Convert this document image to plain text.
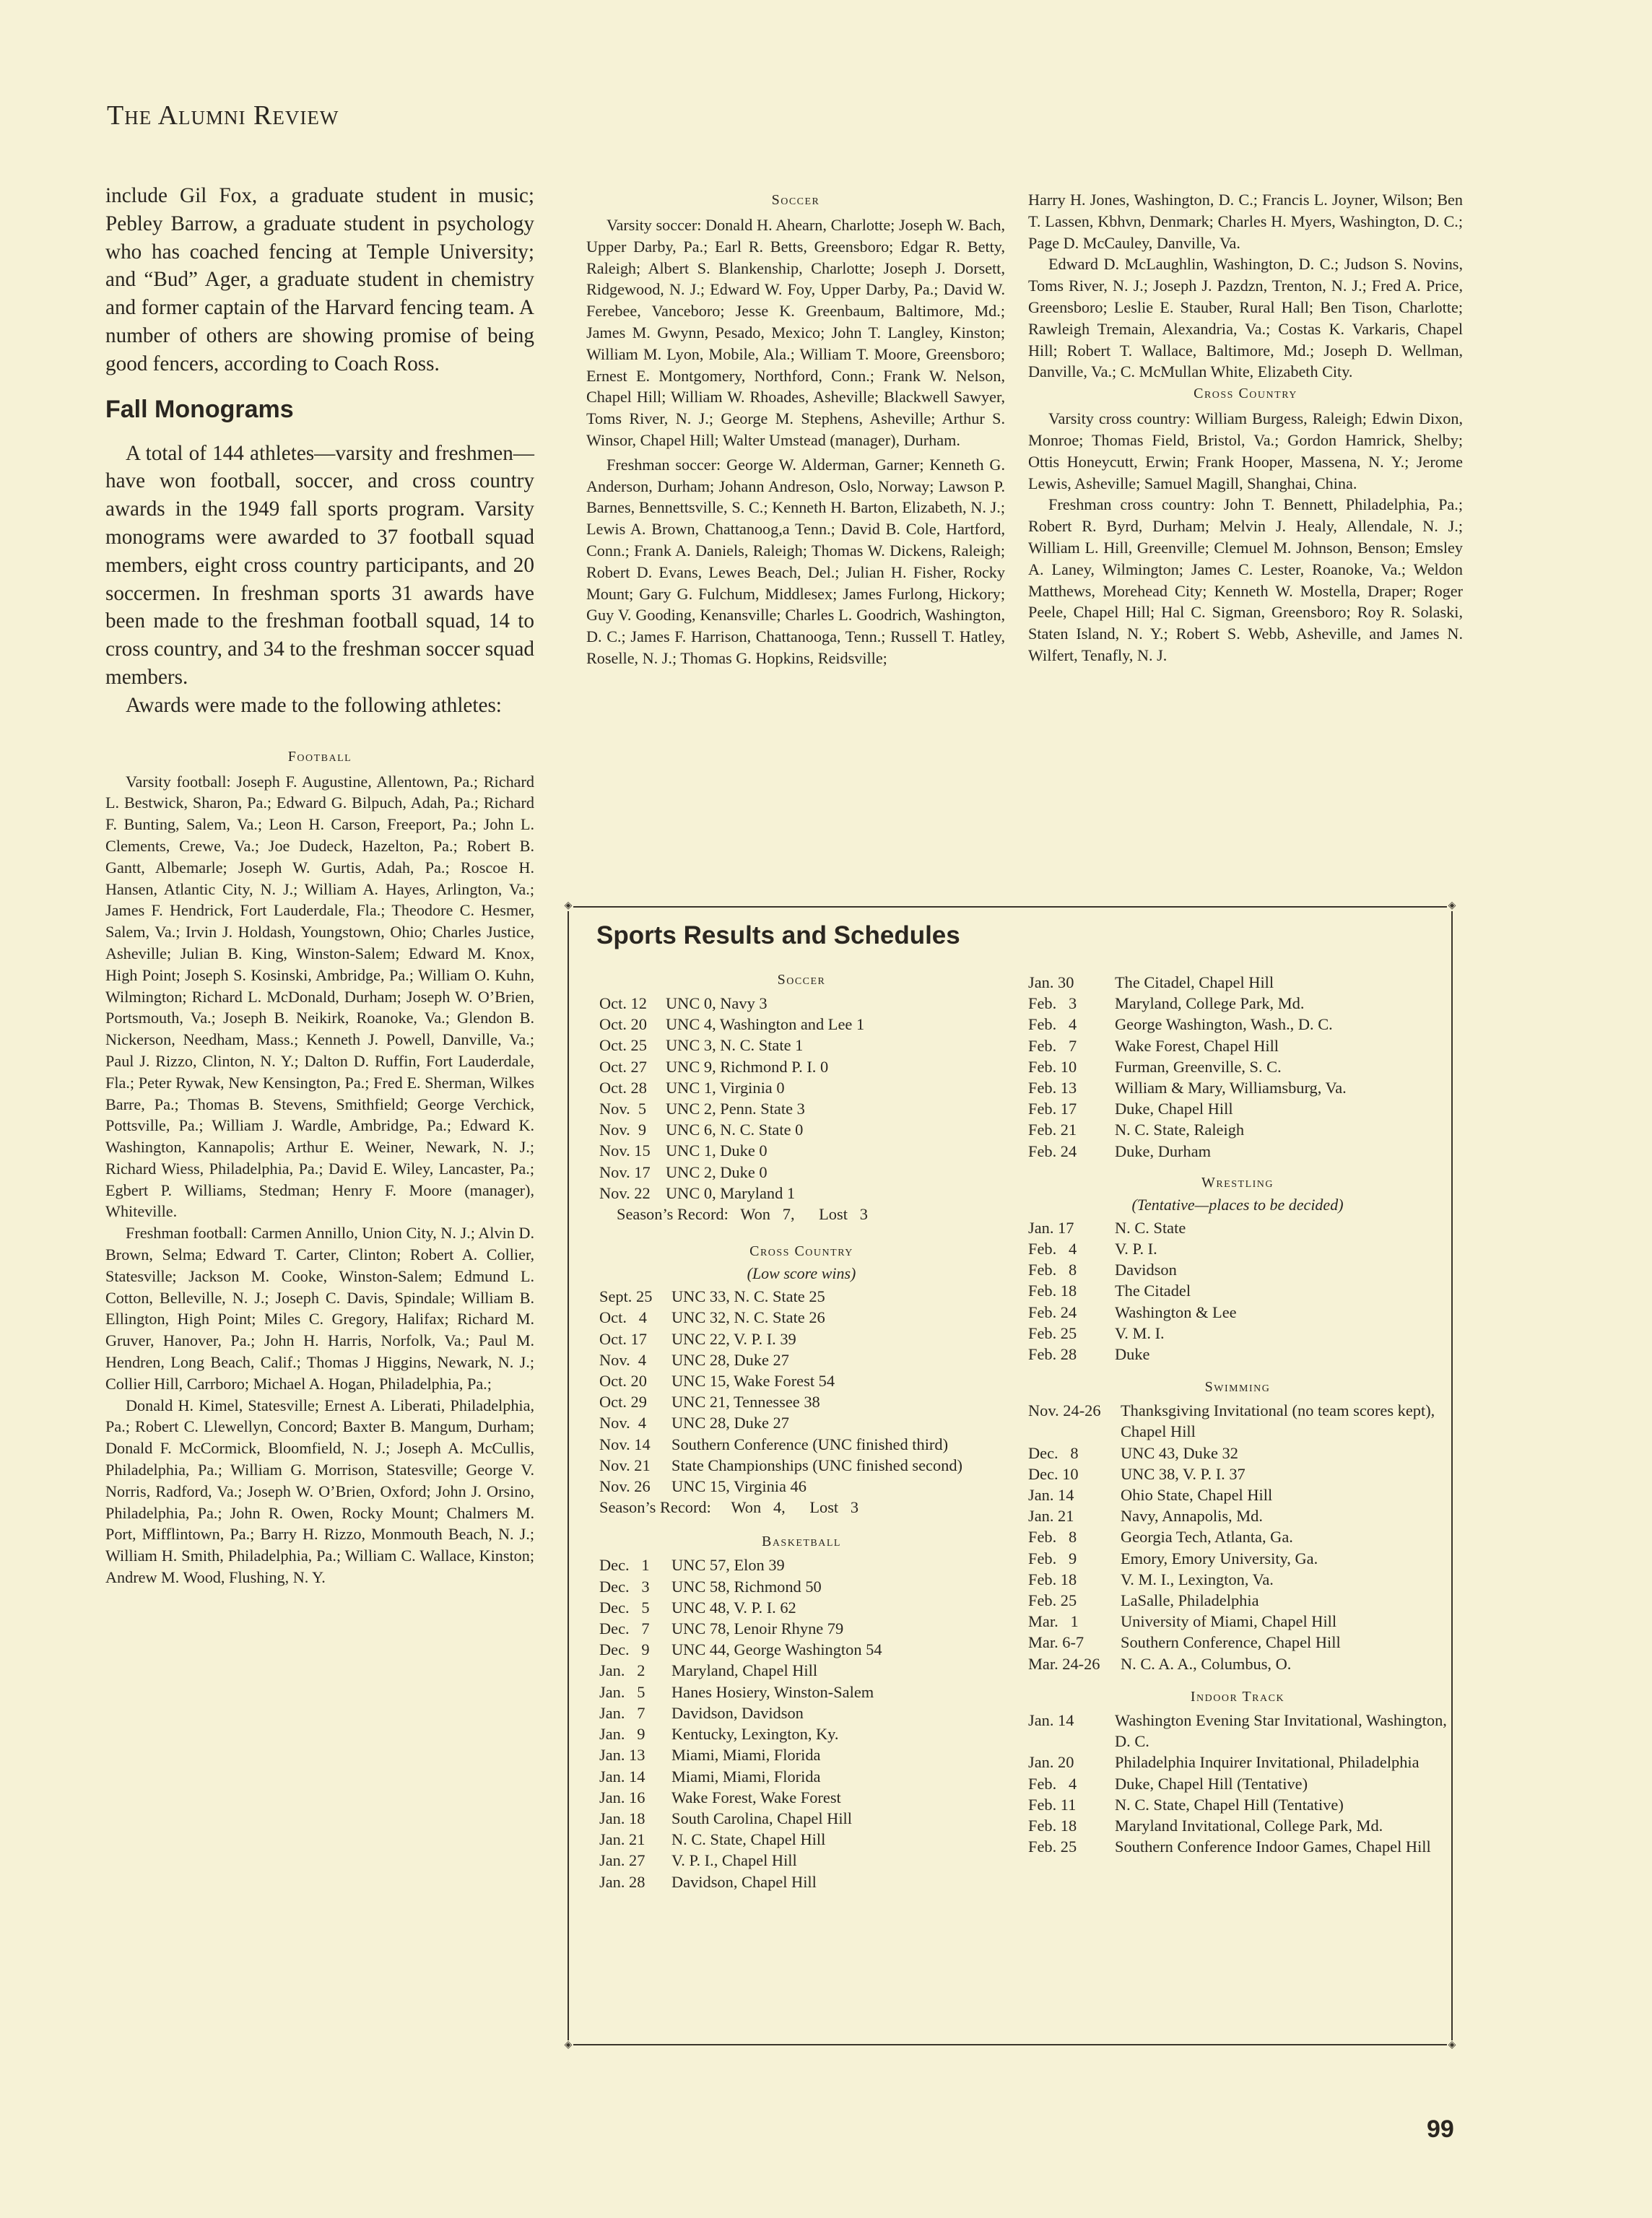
The Alumni Review

include Gil Fox, a graduate student in music; Pebley Barrow, a graduate student in psychology who has coached fencing at Temple University; and “Bud” Ager, a graduate student in chemistry and former captain of the Harvard fencing team. A number of others are showing promise of being good fencers, according to Coach Ross.

Fall Monograms

A total of 144 athletes—varsity and freshmen—have won football, soccer, and cross country awards in the 1949 fall sports program. Varsity monograms were awarded to 37 football squad members, eight cross country participants, and 20 soccermen. In freshman sports 31 awards have been made to the freshman football squad, 14 to cross country, and 34 to the freshman soccer squad members.

Awards were made to the following athletes:

Football

Varsity football: Joseph F. Augustine, Allentown, Pa.; Richard L. Bestwick, Sharon, Pa.; Edward G. Bilpuch, Adah, Pa.; Richard F. Bunting, Salem, Va.; Leon H. Carson, Freeport, Pa.; John L. Clements, Crewe, Va.; Joe Dudeck, Hazelton, Pa.; Robert B. Gantt, Albemarle; Joseph W. Gurtis, Adah, Pa.; Roscoe H. Hansen, Atlantic City, N. J.; William A. Hayes, Arlington, Va.; James F. Hendrick, Fort Lauderdale, Fla.; Theodore C. Hesmer, Salem, Va.; Irvin J. Holdash, Youngstown, Ohio; Charles Justice, Asheville; Julian B. King, Winston-Salem; Edward M. Knox, High Point; Joseph S. Kosinski, Ambridge, Pa.; William O. Kuhn, Wilmington; Richard L. McDonald, Durham; Joseph W. O’Brien, Portsmouth, Va.; Joseph B. Neikirk, Roanoke, Va.; Glendon B. Nickerson, Needham, Mass.; Kenneth J. Powell, Danville, Va.; Paul J. Rizzo, Clinton, N. Y.; Dalton D. Ruffin, Fort Lauderdale, Fla.; Peter Rywak, New Kensington, Pa.; Fred E. Sherman, Wilkes Barre, Pa.; Thomas B. Stevens, Smithfield; George Verchick, Pottsville, Pa.; William J. Wardle, Ambridge, Pa.; Edward K. Washington, Kannapolis; Arthur E. Weiner, Newark, N. J.; Richard Wiess, Philadelphia, Pa.; David E. Wiley, Lancaster, Pa.; Egbert P. Williams, Stedman; Henry F. Moore (manager), Whiteville.

Freshman football: Carmen Annillo, Union City, N. J.; Alvin D. Brown, Selma; Edward T. Carter, Clinton; Robert A. Collier, Statesville; Jackson M. Cooke, Winston-Salem; Edmund L. Cotton, Belleville, N. J.; Joseph C. Davis, Spindale; William B. Ellington, High Point; Miles C. Gregory, Halifax; Richard M. Gruver, Hanover, Pa.; John H. Harris, Norfolk, Va.; Paul M. Hendren, Long Beach, Calif.; Thomas J Higgins, Newark, N. J.; Collier Hill, Carrboro; Michael A. Hogan, Philadelphia, Pa.;

Donald H. Kimel, Statesville; Ernest A. Liberati, Philadelphia, Pa.; Robert C. Llewellyn, Concord; Baxter B. Mangum, Durham; Donald F. McCormick, Bloomfield, N. J.; Joseph A. McCullis, Philadelphia, Pa.; William G. Morrison, Statesville; George V. Norris, Radford, Va.; Joseph W. O’Brien, Oxford; John J. Orsino, Philadelphia, Pa.; John R. Owen, Rocky Mount; Chalmers M. Port, Mifflintown, Pa.; Barry H. Rizzo, Monmouth Beach, N. J.; William H. Smith, Philadelphia, Pa.; William C. Wallace, Kinston; Andrew M. Wood, Flushing, N. Y.

Soccer

Varsity soccer: Donald H. Ahearn, Charlotte; Joseph W. Bach, Upper Darby, Pa.; Earl R. Betts, Greensboro; Edgar R. Betty, Raleigh; Albert S. Blankenship, Charlotte; Joseph J. Dorsett, Ridgewood, N. J.; Edward W. Foy, Upper Darby, Pa.; David W. Ferebee, Vanceboro; Jesse K. Greenbaum, Baltimore, Md.; James M. Gwynn, Pesado, Mexico; John T. Langley, Kinston; William M. Lyon, Mobile, Ala.; William T. Moore, Greensboro; Ernest E. Montgomery, Northford, Conn.; Frank W. Nelson, Chapel Hill; William W. Rhoades, Asheville; Blackwell Sawyer, Toms River, N. J.; George M. Stephens, Asheville; Arthur S. Winsor, Chapel Hill; Walter Umstead (manager), Durham.

Freshman soccer: George W. Alderman, Garner; Kenneth G. Anderson, Durham; Johann Andreson, Oslo, Norway; Lawson P. Barnes, Bennettsville, S. C.; Kenneth H. Barton, Elizabeth, N. J.; Lewis A. Brown, Chattanoog,a Tenn.; David B. Cole, Hartford, Conn.; Frank A. Daniels, Raleigh; Thomas W. Dickens, Raleigh; Robert D. Evans, Lewes Beach, Del.; Julian H. Fisher, Rocky Mount; Gary G. Fulchum, Middlesex; James Furlong, Hickory; Guy V. Gooding, Kenansville; Charles L. Goodrich, Washington, D. C.; James F. Harrison, Chattanooga, Tenn.; Russell T. Hatley, Roselle, N. J.; Thomas G. Hopkins, Reidsville;

Harry H. Jones, Washington, D. C.; Francis L. Joyner, Wilson; Ben T. Lassen, Kbhvn, Denmark; Charles H. Myers, Washington, D. C.; Page D. McCauley, Danville, Va.

Edward D. McLaughlin, Washington, D. C.; Judson S. Novins, Toms River, N. J.; Joseph J. Pazdzn, Trenton, N. J.; Fred A. Price, Greensboro; Leslie E. Stauber, Rural Hall; Ben Tison, Charlotte; Rawleigh Tremain, Alexandria, Va.; Costas K. Varkaris, Chapel Hill; Robert T. Wallace, Baltimore, Md.; Joseph D. Wellman, Danville, Va.; C. McMullan White, Elizabeth City.

Cross Country

Varsity cross country: William Burgess, Raleigh; Edwin Dixon, Monroe; Thomas Field, Bristol, Va.; Gordon Hamrick, Shelby; Ottis Honeycutt, Erwin; Frank Hooper, Massena, N. Y.; Jerome Lewis, Asheville; Samuel Magill, Shanghai, China.

Freshman cross country: John T. Bennett, Philadelphia, Pa.; Robert R. Byrd, Durham; Melvin J. Healy, Allendale, N. J.; William L. Hill, Greenville; Clemuel M. Johnson, Benson; Emsley A. Laney, Wilmington; James C. Lester, Roanoke, Va.; Weldon Matthews, Morehead City; Kenneth W. Mostella, Draper; Roger Peele, Chapel Hill; Hal C. Sigman, Greensboro; Roy R. Solaski, Staten Island, N. Y.; Robert S. Webb, Asheville, and James N. Wilfert, Tenafly, N. J.

◈	◈
◈	◈
Sports Results and Schedules
Soccer
Oct. 12	UNC 0, Navy 3
Oct. 20	UNC 4, Washington and Lee 1
Oct. 25	UNC 3, N. C. State 1
Oct. 27	UNC 9, Richmond P. I. 0
Oct. 28	UNC 1, Virginia 0
Nov.  5	UNC 2, Penn. State 3
Nov.  9	UNC 6, N. C. State 0
Nov. 15 UNC 1, Duke 0
Nov. 17 UNC 2, Duke 0
Nov. 22 UNC 0, Maryland 1
Season’s Record:   Won   7,      Lost   3
Cross Country
(Low score wins)
Sept. 25	UNC 33, N. C. State 25
Oct.   4	UNC 32, N. C. State 26
Oct. 17	UNC 22, V. P. I. 39
Nov.  4	UNC 28, Duke 27
Oct. 20	UNC 15, Wake Forest 54
Oct. 29	UNC 21, Tennessee 38
Nov.  4	UNC 28, Duke 27
Nov. 14	Southern Conference (UNC finished third)
Nov. 21	State Championships (UNC finished second)
Nov. 26	UNC 15, Virginia 46
Season’s Record:     Won   4,      Lost   3
Basketball
Dec.   1	UNC 57, Elon 39
Dec.   3	UNC 58, Richmond 50
Dec.   5	UNC 48, V. P. I. 62
Dec.   7	UNC 78, Lenoir Rhyne 79
Dec.   9	UNC 44, George Washington 54
Jan.   2	Maryland, Chapel Hill
Jan.   5	Hanes Hosiery, Winston-Salem
Jan.   7	Davidson, Davidson
Jan.   9	Kentucky, Lexington, Ky.
Jan. 13	Miami, Miami, Florida
Jan. 14	Miami, Miami, Florida
Jan. 16	Wake Forest, Wake Forest
Jan. 18	South Carolina, Chapel Hill
Jan. 21	N. C. State, Chapel Hill
Jan. 27	V. P. I., Chapel Hill
Jan. 28	Davidson, Chapel Hill
Jan. 30	The Citadel, Chapel Hill
Feb.   3	Maryland, College Park, Md.
Feb.   4	George Washington, Wash., D. C.
Feb.   7	Wake Forest, Chapel Hill
Feb. 10	Furman, Greenville, S. C.
Feb. 13	William & Mary, Williamsburg, Va.
Feb. 17	Duke, Chapel Hill
Feb. 21	N. C. State, Raleigh
Feb. 24	Duke, Durham
Wrestling
(Tentative—places to be decided)
Jan. 17	N. C. State
Feb.   4	V. P. I.
Feb.   8	Davidson
Feb. 18	The Citadel
Feb. 24	Washington & Lee
Feb. 25	V. M. I.
Feb. 28	Duke
Swimming
Nov. 24-26	Thanksgiving Invitational (no team scores kept), Chapel Hill
Dec.   8	UNC 43, Duke 32
Dec. 10	UNC 38, V. P. I. 37
Jan. 14	Ohio State, Chapel Hill
Jan. 21	Navy, Annapolis, Md.
Feb.   8	Georgia Tech, Atlanta, Ga.
Feb.   9	Emory, Emory University, Ga.
Feb. 18	V. M. I., Lexington, Va.
Feb. 25	LaSalle, Philadelphia
Mar.   1	University of Miami, Chapel Hill
Mar. 6-7	Southern Conference, Chapel Hill
Mar. 24-26	N. C. A. A., Columbus, O.
Indoor Track
Jan. 14	Washington Evening Star Invitational, Washington, D. C.
Jan. 20	Philadelphia Inquirer Invitational, Philadelphia
Feb.   4	Duke, Chapel Hill (Tentative)
Feb. 11	N. C. State, Chapel Hill (Tentative)
Feb. 18	Maryland Invitational, College Park, Md.
Feb. 25	Southern Conference Indoor Games, Chapel Hill
99
